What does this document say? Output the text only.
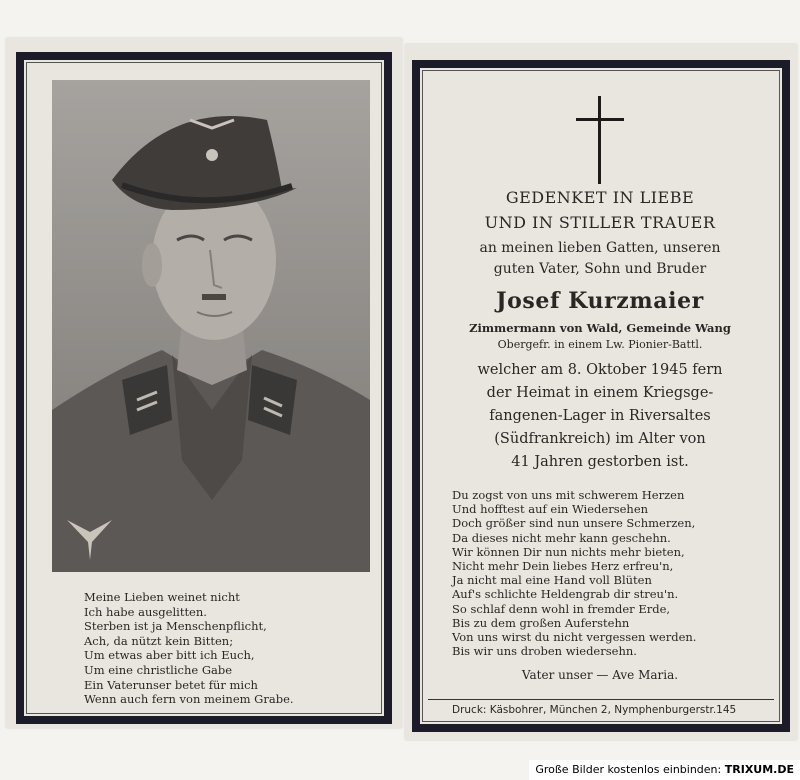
Meine Lieben weinet nicht
Ich habe ausgelitten.
Sterben ist ja Menschenpflicht,
Ach, da nützt kein Bitten;
Um etwas aber bitt ich Euch,
Um eine christliche Gabe
Ein Vaterunser betet für mich
Wenn auch fern von meinem Grabe.
GEDENKET IN LIEBE
UND IN STILLER TRAUER
an meinen lieben Gatten, unseren
guten Vater, Sohn und Bruder
Josef Kurzmaier
Zimmermann von Wald, Gemeinde Wang
Obergefr. in einem Lw. Pionier-Battl.
welcher am 8. Oktober 1945 fern
der Heimat in einem Kriegsge-
fangenen-Lager in Riversaltes
(Südfrankreich) im Alter von
41 Jahren gestorben ist.
Du zogst von uns mit schwerem Herzen
Und hofftest auf ein Wiedersehen
Doch größer sind nun unsere Schmerzen,
Da dieses nicht mehr kann geschehn.
Wir können Dir nun nichts mehr bieten,
Nicht mehr Dein liebes Herz erfreu'n,
Ja nicht mal eine Hand voll Blüten
Auf's schlichte Heldengrab dir streu'n.
So schlaf denn wohl in fremder Erde,
Bis zu dem großen Auferstehn
Von uns wirst du nicht vergessen werden.
Bis wir uns droben wiedersehn.
Vater unser — Ave Maria.
Druck: Käsbohrer, München 2, Nymphenburgerstr.145
Große Bilder kostenlos einbinden: TRIXUM.DE
